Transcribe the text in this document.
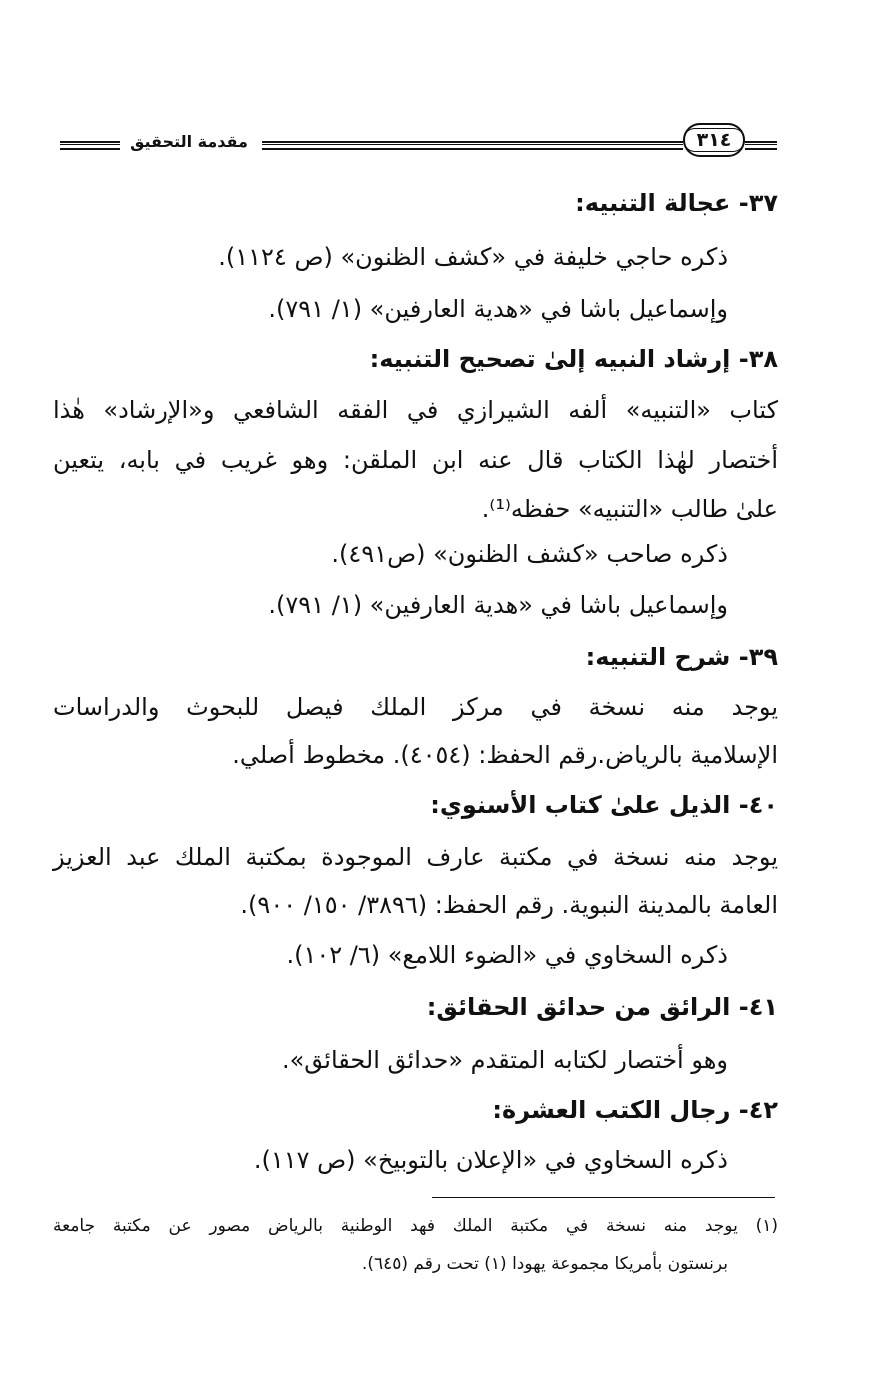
مقدمة التحقيق	٣١٤
٣٧- عجالة التنبيه:
ذكره حاجي خليفة في «كشف الظنون» (ص ١١٢٤).
وإسماعيل باشا في «هدية العارفين» (١/ ٧٩١).
٣٨- إرشاد النبيه إلىٰ تصحيح التنبيه:
كتاب «التنبيه» ألفه الشيرازي في الفقه الشافعي و«الإرشاد» هٰذا
أختصار لهٰذا الكتاب قال عنه ابن الملقن: وهو غريب في بابه، يتعين
علىٰ طالب «التنبيه» حفظه⁽¹⁾.
ذكره صاحب «كشف الظنون» (ص٤٩١).
وإسماعيل باشا في «هدية العارفين» (١/ ٧٩١).
٣٩- شرح التنبيه:
يوجد منه نسخة في مركز الملك فيصل للبحوث والدراسات
الإسلامية بالرياض.رقم الحفظ: (٤٠٥٤). مخطوط أصلي.
٤٠- الذيل علىٰ كتاب الأسنوي:
يوجد منه نسخة في مكتبة عارف الموجودة بمكتبة الملك عبد العزيز
العامة بالمدينة النبوية. رقم الحفظ: (٣٨٩٦/ ١٥٠/ ٩٠٠).
ذكره السخاوي في «الضوء اللامع» (٦/ ١٠٢).
٤١- الرائق من حدائق الحقائق:
وهو أختصار لكتابه المتقدم «حدائق الحقائق».
٤٢- رجال الكتب العشرة:
ذكره السخاوي في «الإعلان بالتوبيخ» (ص ١١٧).
(١) يوجد منه نسخة في مكتبة الملك فهد الوطنية بالرياض مصور عن مكتبة جامعة
برنستون بأمريكا مجموعة يهودا (١) تحت رقم (٦٤٥).
